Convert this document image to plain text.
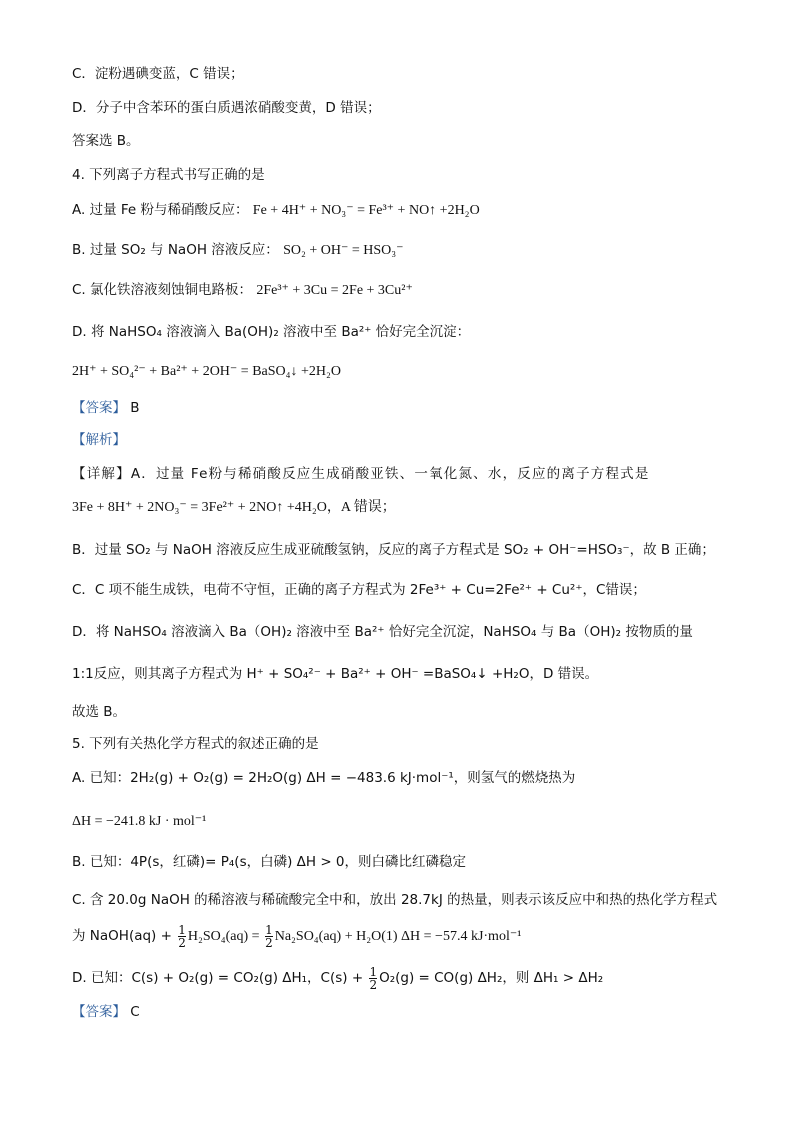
C．淀粉遇碘变蓝，C 错误；
D．分子中含苯环的蛋白质遇浓硝酸变黄，D 错误；
答案选 B。
4. 下列离子方程式书写正确的是
A. 过量 Fe 粉与稀硝酸反应： Fe + 4H⁺ + NO₃⁻ = Fe³⁺ + NO↑ +2H₂O
B. 过量 SO₂ 与 NaOH 溶液反应： SO₂ + OH⁻ = HSO₃⁻
C. 氯化铁溶液刻蚀铜电路板： 2Fe³⁺ + 3Cu = 2Fe + 3Cu²⁺
D. 将 NaHSO₄ 溶液滴入 Ba(OH)₂ 溶液中至 Ba²⁺ 恰好完全沉淀：
2H⁺ + SO₄²⁻ + Ba²⁺ + 2OH⁻ = BaSO₄↓ +2H₂O
【答案】 B
【解析】
【详解】A．过量 Fe粉与稀硝酸反应生成硝酸亚铁、一氧化氮、水，反应的离子方程式是
3Fe + 8H⁺ + 2NO₃⁻ = 3Fe²⁺ + 2NO↑ +4H₂O，A 错误；
B．过量 SO₂ 与 NaOH 溶液反应生成亚硫酸氢钠，反应的离子方程式是 SO₂ + OH⁻=HSO₃⁻，故 B 正确；
C．C 项不能生成铁，电荷不守恒，正确的离子方程式为 2Fe³⁺ + Cu=2Fe²⁺ + Cu²⁺，C错误；
D．将 NaHSO₄ 溶液滴入 Ba（OH)₂ 溶液中至 Ba²⁺ 恰好完全沉淀，NaHSO₄ 与 Ba（OH)₂ 按物质的量
1:1反应，则其离子方程式为 H⁺ + SO₄²⁻ + Ba²⁺ + OH⁻ =BaSO₄↓ +H₂O，D 错误。
故选 B。
5. 下列有关热化学方程式的叙述正确的是
A. 已知：2H₂(g) + O₂(g) = 2H₂O(g) ΔH = −483.6 kJ·mol⁻¹，则氢气的燃烧热为
ΔH = −241.8 kJ · mol⁻¹
B. 已知：4P(s，红磷)= P₄(s，白磷) ΔH > 0，则白磷比红磷稳定
C. 含 20.0g NaOH 的稀溶液与稀硫酸完全中和，放出 28.7kJ 的热量，则表示该反应中和热的热化学方程式
为 NaOH(aq) + $\frac{1}{2} H_2SO_4(aq) = \frac{1}{2} Na_2SO_4(aq) + H_2O(1) \Delta H = -57.4$ kJ·mol⁻¹
D. 已知：C(s) + O₂(g) = CO₂(g) ΔH₁，$C(s) + \frac{1}{2} O_2(g) = CO(g)$ ΔH₂，则 ΔH₁ > ΔH₂
【答案】 C
